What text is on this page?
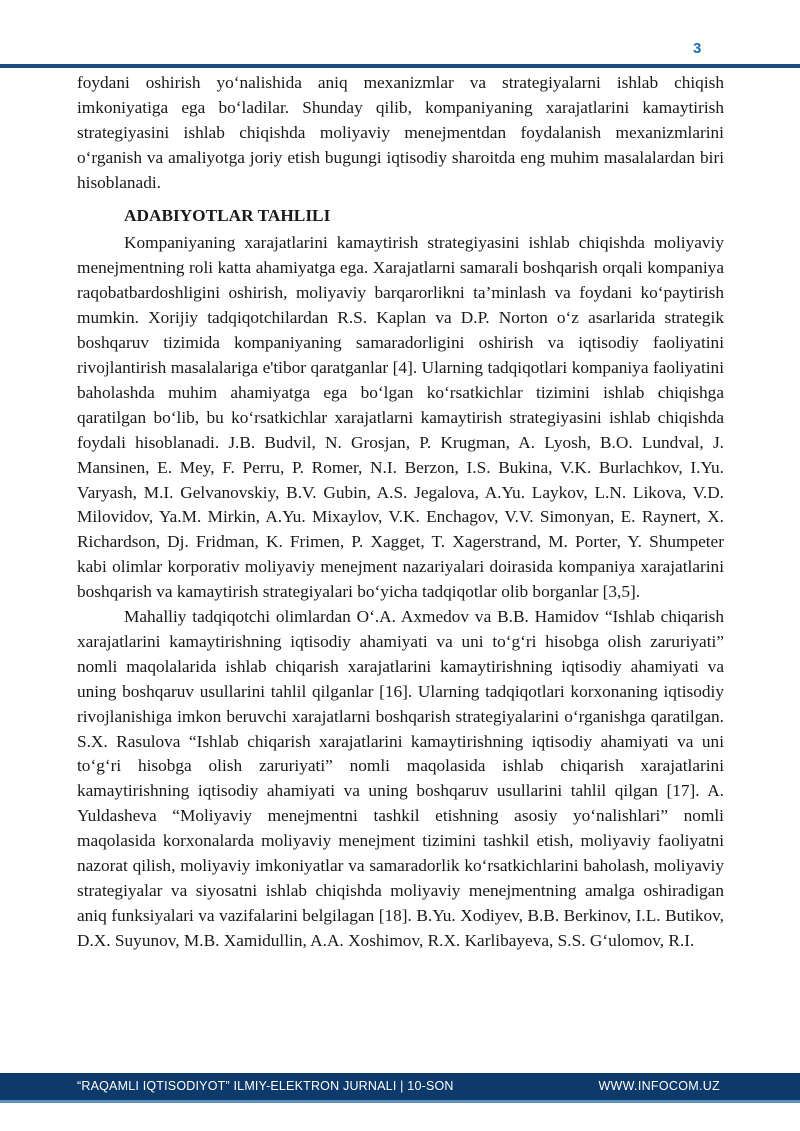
3

foydani oshirish yo‘nalishida aniq mexanizmlar va strategiyalarni ishlab chiqish imkoniyatiga ega bo‘ladilar. Shunday qilib, kompaniyaning xarajatlarini kamaytirish strategiyasini ishlab chiqishda moliyaviy menejmentdan foydalanish mexanizmlarini o‘rganish va amaliyotga joriy etish bugungi iqtisodiy sharoitda eng muhim masalalardan biri hisoblanadi.

ADABIYOTLAR TAHLILI

Kompaniyaning xarajatlarini kamaytirish strategiyasini ishlab chiqishda moliyaviy menejmentning roli katta ahamiyatga ega. Xarajatlarni samarali boshqarish orqali kompaniya raqobatbardoshligini oshirish, moliyaviy barqarorlikni ta’minlash va foydani ko‘paytirish mumkin. Xorijiy tadqiqotchilardan R.S. Kaplan va D.P. Norton o‘z asarlarida strategik boshqaruv tizimida kompaniyaning samaradorligini oshirish va iqtisodiy faoliyatini rivojlantirish masalalariga e'tibor qaratganlar [4]. Ularning tadqiqotlari kompaniya faoliyatini baholashda muhim ahamiyatga ega bo‘lgan ko‘rsatkichlar tizimini ishlab chiqishga qaratilgan bo‘lib, bu ko‘rsatkichlar xarajatlarni kamaytirish strategiyasini ishlab chiqishda foydali hisoblanadi. J.B. Budvil, N. Grosjan, P. Krugman, A. Lyosh, B.O. Lundval, J. Mansinen, E. Mey, F. Perru, P. Romer, N.I. Berzon, I.S. Bukina, V.K. Burlachkov, I.Yu. Varyash, M.I. Gelvanovskiy, B.V. Gubin, A.S. Jegalova, A.Yu. Laykov, L.N. Likova, V.D. Milovidov, Ya.M. Mirkin, A.Yu. Mixaylov, V.K. Enchagov, V.V. Simonyan, E. Raynert, X. Richardson, Dj. Fridman, K. Frimen, P. Xagget, T. Xagerstrand, M. Porter, Y. Shumpeter kabi olimlar korporativ moliyaviy menejment nazariyalari doirasida kompaniya xarajatlarini boshqarish va kamaytirish strategiyalari bo‘yicha tadqiqotlar olib borganlar [3,5].

Mahalliy tadqiqotchi olimlardan O‘.A. Axmedov va B.B. Hamidov “Ishlab chiqarish xarajatlarini kamaytirishning iqtisodiy ahamiyati va uni to‘g‘ri hisobga olish zaruriyati” nomli maqolalarida ishlab chiqarish xarajatlarini kamaytirishning iqtisodiy ahamiyati va uning boshqaruv usullarini tahlil qilganlar [16]. Ularning tadqiqotlari korxonaning iqtisodiy rivojlanishiga imkon beruvchi xarajatlarni boshqarish strategiyalarini o‘rganishga qaratilgan. S.X. Rasulova “Ishlab chiqarish xarajatlarini kamaytirishning iqtisodiy ahamiyati va uni to‘g‘ri hisobga olish zaruriyati” nomli maqolasida ishlab chiqarish xarajatlarini kamaytirishning iqtisodiy ahamiyati va uning boshqaruv usullarini tahlil qilgan [17]. A. Yuldasheva “Moliyaviy menejmentni tashkil etishning asosiy yo‘nalishlari” nomli maqolasida korxonalarda moliyaviy menejment tizimini tashkil etish, moliyaviy faoliyatni nazorat qilish, moliyaviy imkoniyatlar va samaradorlik ko‘rsatkichlarini baholash, moliyaviy strategiyalar va siyosatni ishlab chiqishda moliyaviy menejmentning amalga oshiradigan aniq funksiyalari va vazifalarini belgilagan [18]. B.Yu. Xodiyev, B.B. Berkinov, I.L. Butikov, D.X. Suyunov, M.B. Xamidullin, A.A. Xoshimov, R.X. Karlibayeva, S.S. G‘ulomov, R.I.

“RAQAMLI IQTISODIYOT” ILMIY-ELEKTRON JURNALI | 10-SON	WWW.INFOCOM.UZ
